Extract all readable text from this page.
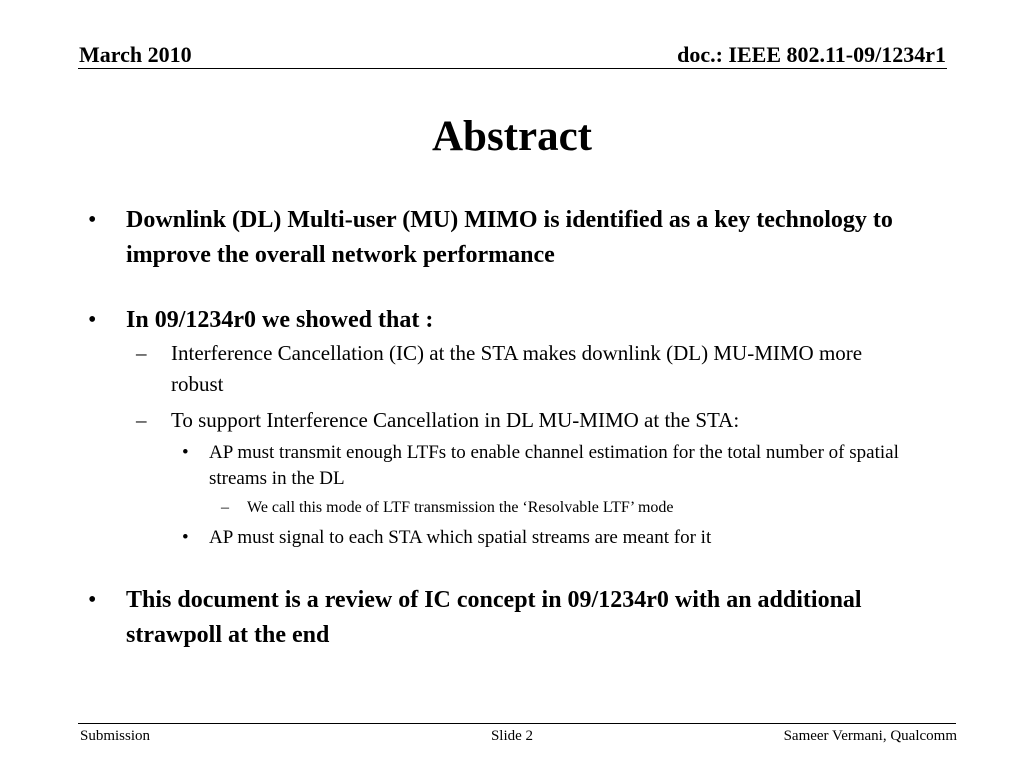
March 2010	doc.: IEEE 802.11-09/1234r1
Abstract
• Downlink (DL) Multi-user (MU) MIMO is identified as a key technology to improve the overall network performance
• In 09/1234r0 we showed that :
– Interference Cancellation (IC) at the STA makes downlink (DL) MU-MIMO more robust
– To support Interference Cancellation in DL MU-MIMO at the STA:
• AP must transmit enough LTFs to enable channel estimation for the total number of spatial streams in the DL
– We call this mode of LTF transmission the ‘Resolvable LTF’ mode
• AP must signal to each STA which spatial streams are meant for it
• This document is a review of IC concept in 09/1234r0 with an additional strawpoll at the end
Submission	Slide 2	Sameer Vermani, Qualcomm
